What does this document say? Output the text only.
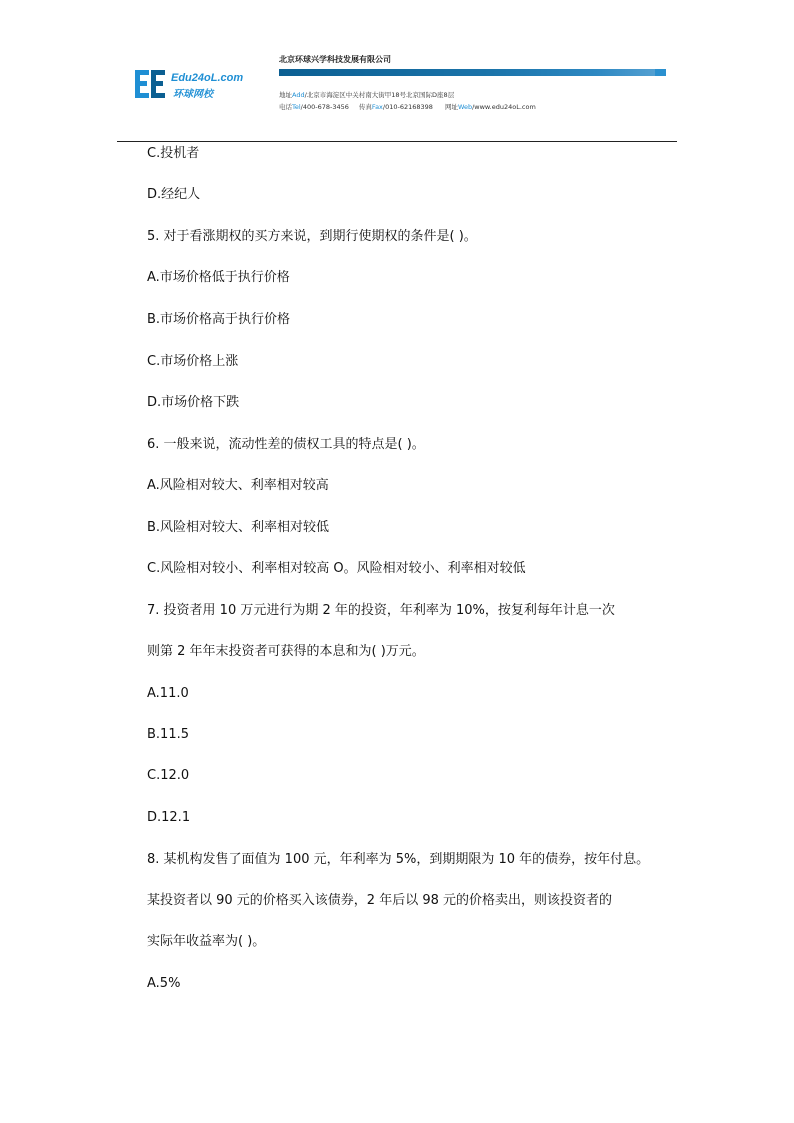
Edu24oL.com
环球网校
北京环球兴学科技发展有限公司
地址Add/北京市海淀区中关村南大街甲18号北京国际D座8层
电话Tel/400-678-3456 传真Fax/010-62168398 网址Web/www.edu24oL.com
C.投机者
D.经纪人
5. 对于看涨期权的买方来说，到期行使期权的条件是( )。
A.市场价格低于执行价格
B.市场价格高于执行价格
C.市场价格上涨
D.市场价格下跌
6. 一般来说，流动性差的债权工具的特点是( )。
A.风险相对较大、利率相对较高
B.风险相对较大、利率相对较低
C.风险相对较小、利率相对较高 O。风险相对较小、利率相对较低
7. 投资者用 10 万元进行为期 2 年的投资，年利率为 10%，按复利每年计息一次
则第 2 年年末投资者可获得的本息和为( )万元。
A.11.0
B.11.5
C.12.0
D.12.1
8. 某机构发售了面值为 100 元，年利率为 5%，到期期限为 10 年的债券，按年付息。
某投资者以 90 元的价格买入该债券，2 年后以 98 元的价格卖出，则该投资者的
实际年收益率为( )。
A.5%
